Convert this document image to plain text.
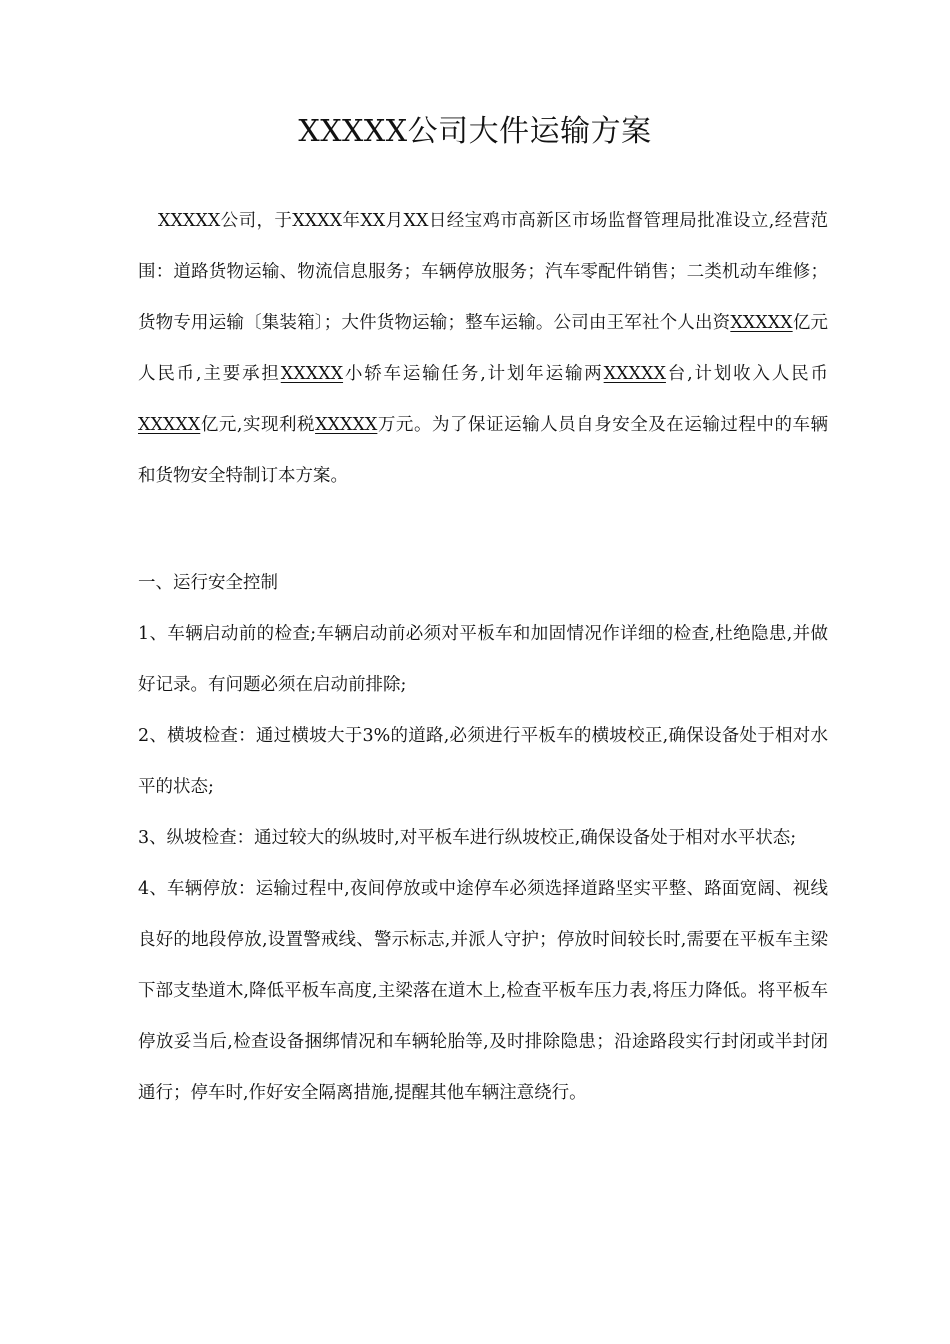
XXXXX公司大件运输方案

XXXXX公司，于XXXX年XX月XX日经宝鸡市高新区市场监督管理局批准设立,经营范围：道路货物运输、物流信息服务；车辆停放服务；汽车零配件销售；二类机动车维修；货物专用运输〔集装箱〕；大件货物运输；整车运输。公司由王军社个人出资XXXXX亿元人民币,主要承担XXXXX小轿车运输任务,计划年运输两XXXXX台,计划收入人民币XXXXX亿元,实现利税XXXXX万元。为了保证运输人员自身安全及在运输过程中的车辆和货物安全特制订本方案。

一、运行安全控制

1、车辆启动前的检查;车辆启动前必须对平板车和加固情况作详细的检查,杜绝隐患,并做好记录。有问题必须在启动前排除;

2、横坡检查：通过横坡大于3%的道路,必须进行平板车的横坡校正,确保设备处于相对水平的状态;

3、纵坡检查：通过较大的纵坡时,对平板车进行纵坡校正,确保设备处于相对水平状态;

4、车辆停放：运输过程中,夜间停放或中途停车必须选择道路坚实平整、路面宽阔、视线良好的地段停放,设置警戒线、警示标志,并派人守护；停放时间较长时,需要在平板车主梁下部支垫道木,降低平板车高度,主梁落在道木上,检查平板车压力表,将压力降低。将平板车停放妥当后,检查设备捆绑情况和车辆轮胎等,及时排除隐患；沿途路段实行封闭或半封闭通行；停车时,作好安全隔离措施,提醒其他车辆注意绕行。
